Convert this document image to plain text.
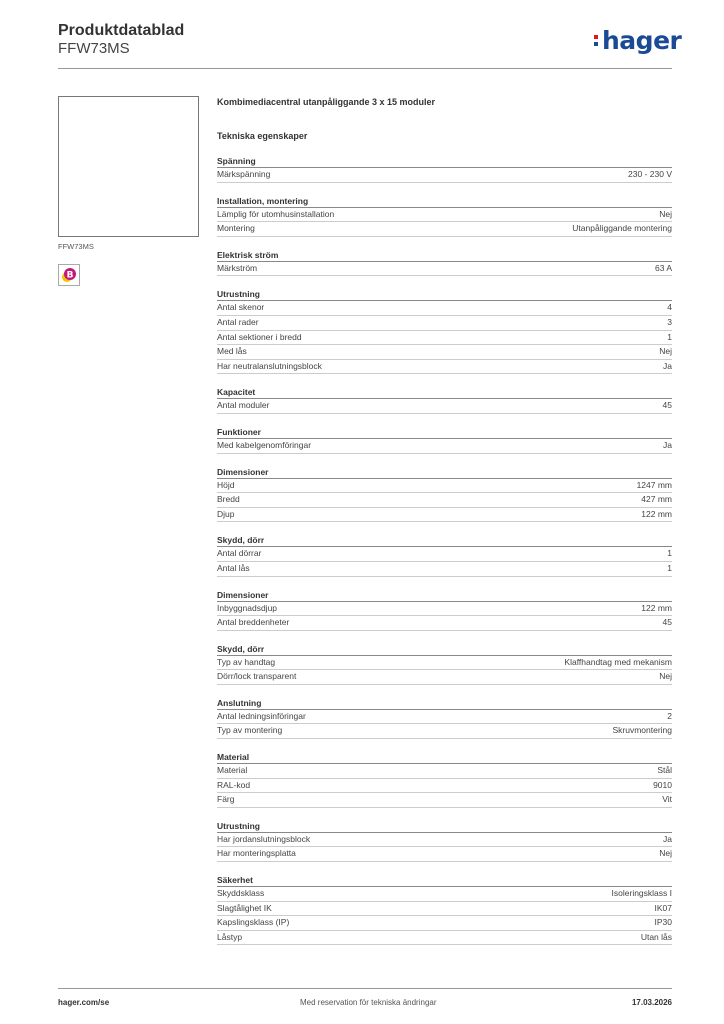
Produktdatablad
FFW73MS	hager
FFW73MS
B
Kombimediacentral utanpåliggande 3 x 15 moduler
Tekniska egenskaper
Spänning
Märkspänning	230 - 230 V
Installation, montering
Lämplig för utomhusinstallation	Nej
Montering	Utanpåliggande montering
Elektrisk ström
Märkström	63 A
Utrustning
Antal skenor	4
Antal rader	3
Antal sektioner i bredd	1
Med lås	Nej
Har neutralanslutningsblock	Ja
Kapacitet
Antal moduler	45
Funktioner
Med kabelgenomföringar	Ja
Dimensioner
Höjd	1247 mm
Bredd	427 mm
Djup	122 mm
Skydd, dörr
Antal dörrar	1
Antal lås	1
Dimensioner
Inbyggnadsdjup	122 mm
Antal breddenheter	45
Skydd, dörr
Typ av handtag	Klaffhandtag med mekanism
Dörr/lock transparent	Nej
Anslutning
Antal ledningsinföringar	2
Typ av montering	Skruvmontering
Material
Material	Stål
RAL-kod	9010
Färg	Vit
Utrustning
Har jordanslutningsblock	Ja
Har monteringsplatta	Nej
Säkerhet
Skyddsklass	Isoleringsklass I
Slagtålighet IK	IK07
Kapslingsklass (IP)	IP30
Låstyp	Utan lås
hager.com/se	Med reservation för tekniska ändringar	17.03.2026
